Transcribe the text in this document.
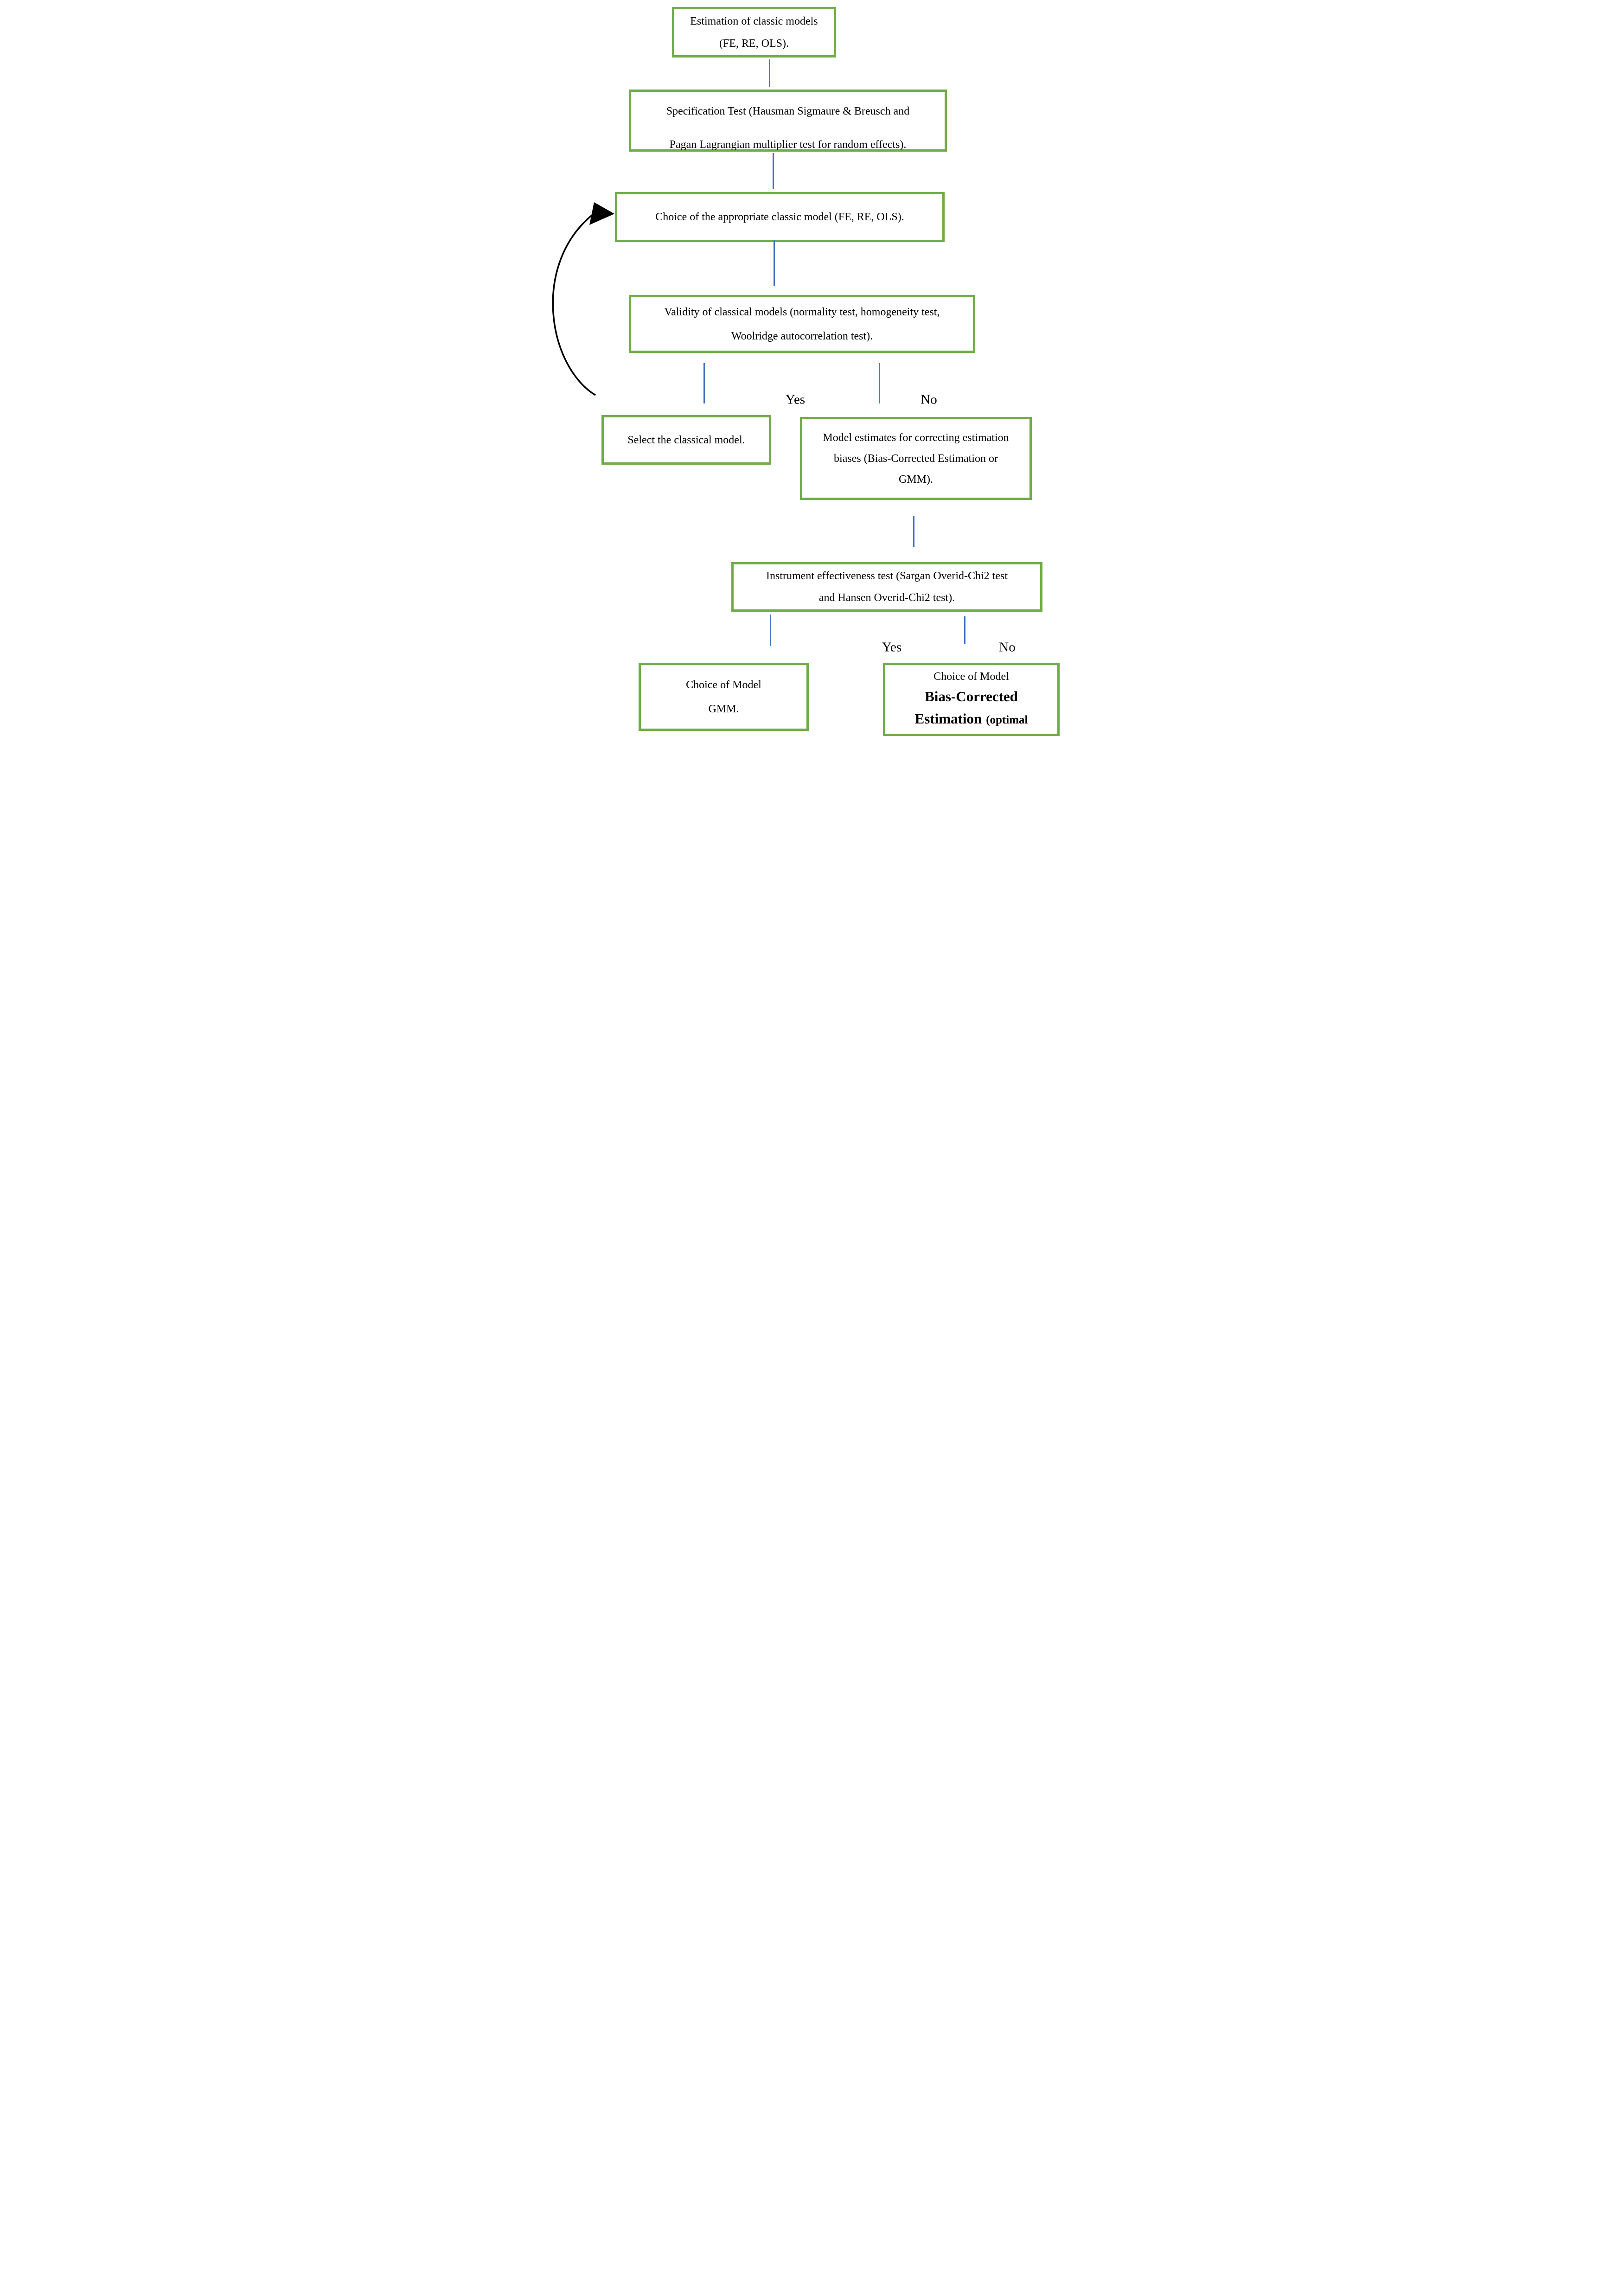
Estimation of classic models
(FE, RE, OLS).
Specification Test (Hausman Sigmaure & Breusch and
Pagan Lagrangian multiplier test for random effects).
Choice of the appropriate classic model (FE, RE, OLS).
Validity of classical models (normality test, homogeneity test,
Woolridge autocorrelation test).
Yes	No
Select the classical model.	Model estimates for correcting estimation
biases (Bias-Corrected Estimation or
GMM).
Instrument effectiveness test (Sargan Overid-Chi2 test
and Hansen Overid-Chi2 test).
Yes	No
Choice of Model
GMM.
Choice of Model
Bias-Corrected
Estimation (optimal
